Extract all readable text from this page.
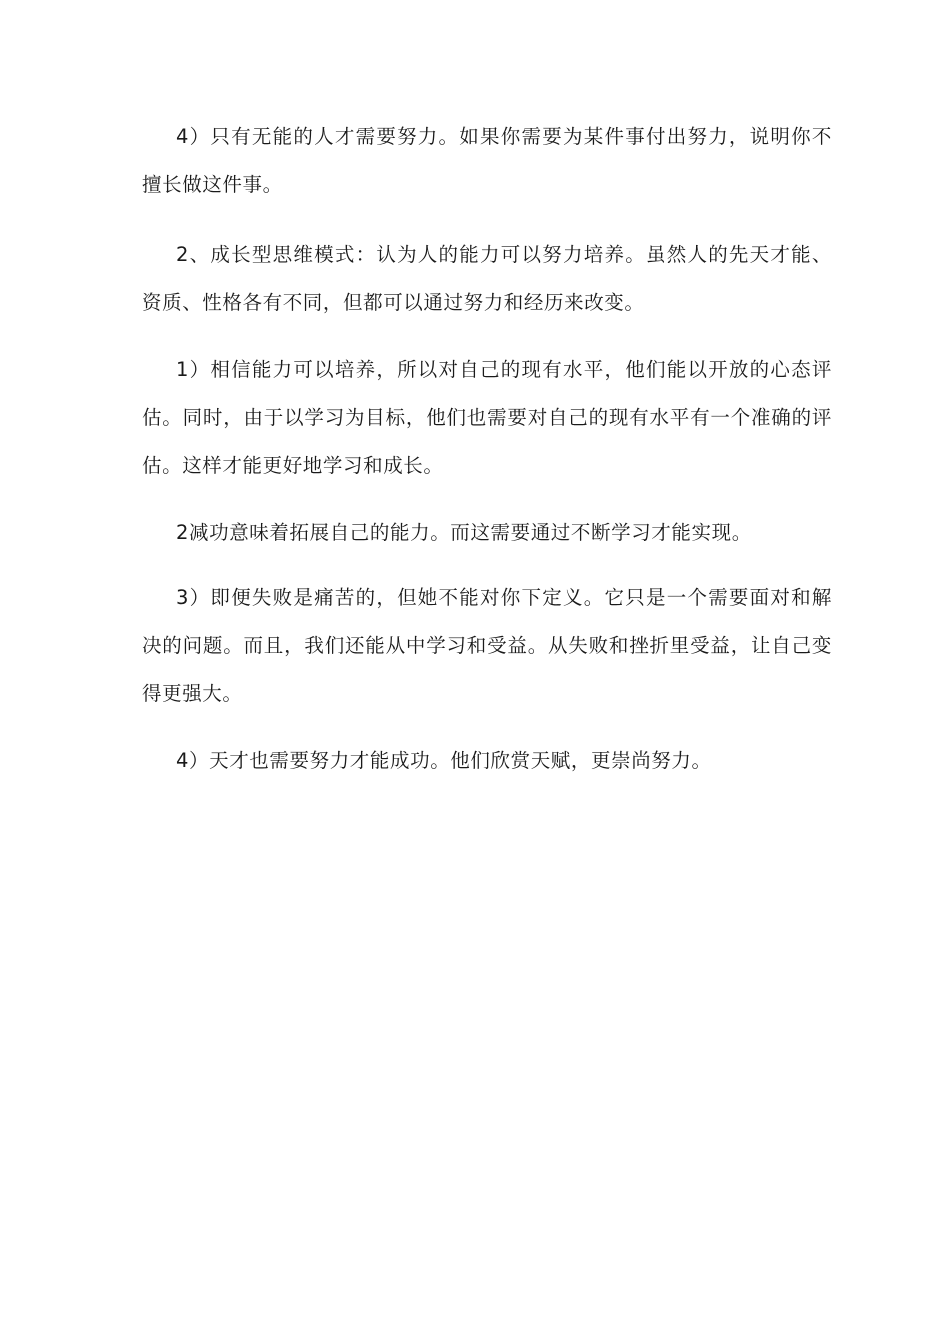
4）只有无能的人才需要努力。如果你需要为某件事付出努力，说明你不擅长做这件事。

2、成长型思维模式：认为人的能力可以努力培养。虽然人的先天才能、资质、性格各有不同，但都可以通过努力和经历来改变。

1）相信能力可以培养，所以对自己的现有水平，他们能以开放的心态评估。同时，由于以学习为目标，他们也需要对自己的现有水平有一个准确的评估。这样才能更好地学习和成长。

2减功意味着拓展自己的能力。而这需要通过不断学习才能实现。

3）即便失败是痛苦的，但她不能对你下定义。它只是一个需要面对和解决的问题。而且，我们还能从中学习和受益。从失败和挫折里受益，让自己变得更强大。

4）天才也需要努力才能成功。他们欣赏天赋，更崇尚努力。
